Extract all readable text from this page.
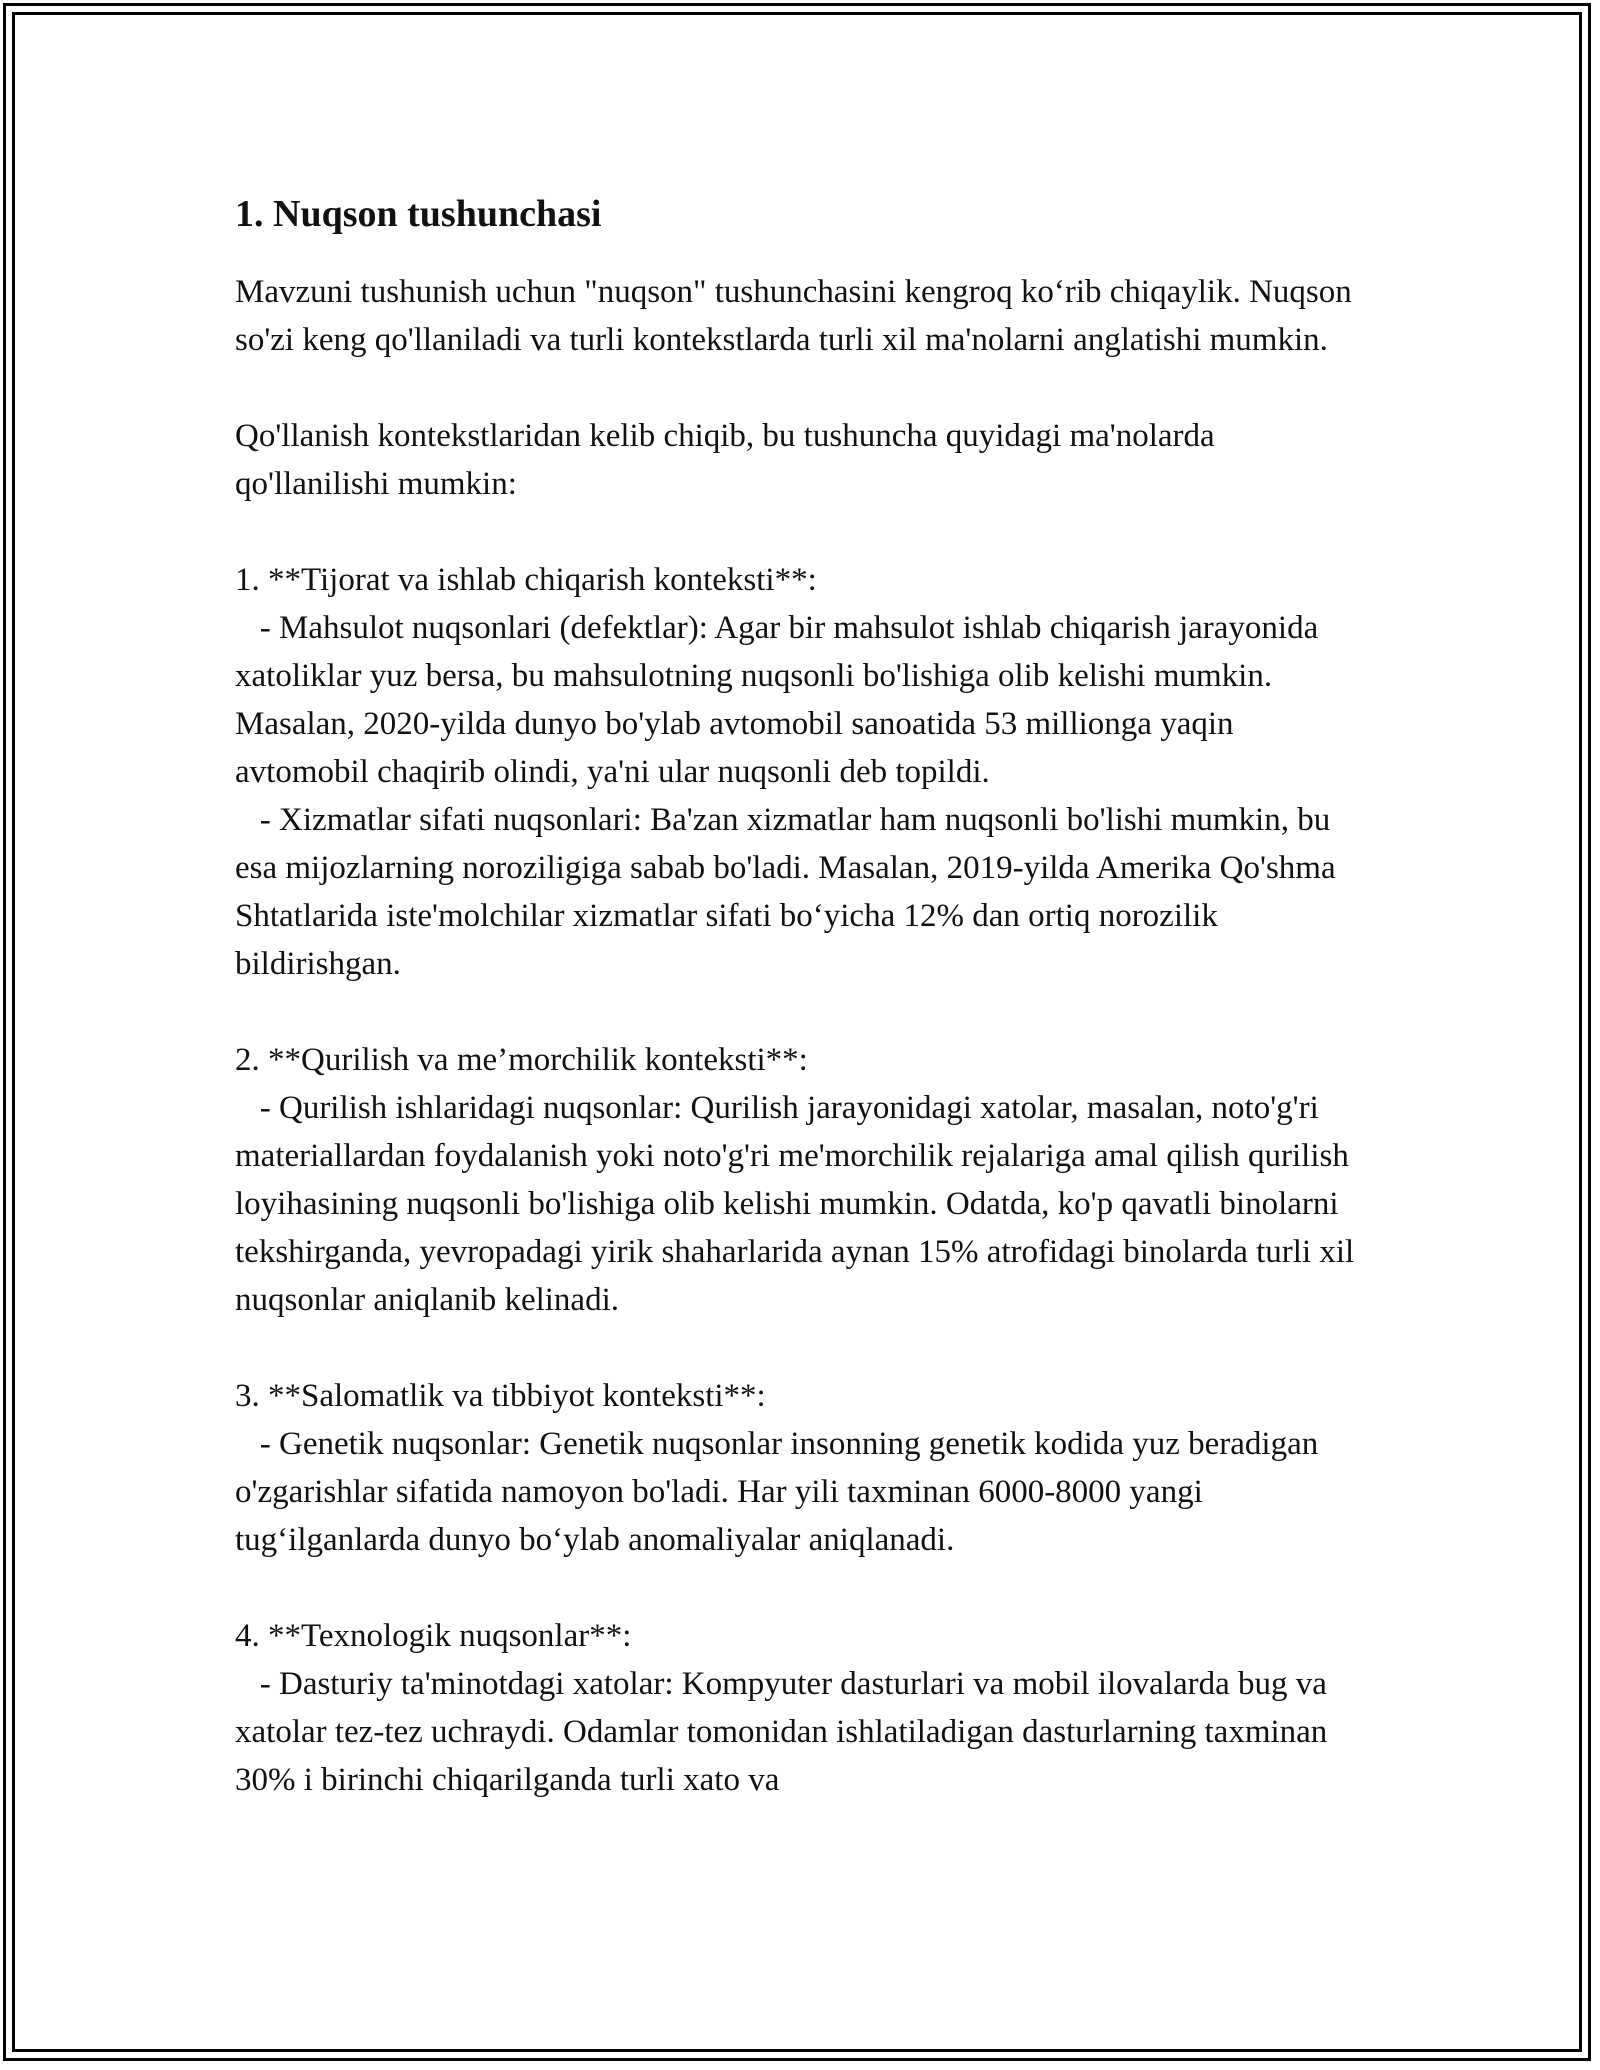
1. Nuqson tushunchasi

Mavzuni tushunish uchun "nuqson" tushunchasini kengroq ko‘rib chiqaylik. Nuqson so'zi keng qo'llaniladi va turli kontekstlarda turli xil ma'nolarni anglatishi mumkin.

Qo'llanish kontekstlaridan kelib chiqib, bu tushuncha quyidagi ma'nolarda qo'llanilishi mumkin:

1. **Tijorat va ishlab chiqarish konteksti**:

- Mahsulot nuqsonlari (defektlar): Agar bir mahsulot ishlab chiqarish jarayonida xatoliklar yuz bersa, bu mahsulotning nuqsonli bo'lishiga olib kelishi mumkin. Masalan, 2020-yilda dunyo bo'ylab avtomobil sanoatida 53 millionga yaqin avtomobil chaqirib olindi, ya'ni ular nuqsonli deb topildi.

- Xizmatlar sifati nuqsonlari: Ba'zan xizmatlar ham nuqsonli bo'lishi mumkin, bu esa mijozlarning noroziligiga sabab bo'ladi. Masalan, 2019-yilda Amerika Qo'shma Shtatlarida iste'molchilar xizmatlar sifati bo‘yicha 12% dan ortiq norozilik bildirishgan.

2. **Qurilish va me’morchilik konteksti**:

- Qurilish ishlaridagi nuqsonlar: Qurilish jarayonidagi xatolar, masalan, noto'g'ri materiallardan foydalanish yoki noto'g'ri me'morchilik rejalariga amal qilish qurilish loyihasining nuqsonli bo'lishiga olib kelishi mumkin. Odatda, ko'p qavatli binolarni tekshirganda, yevropadagi yirik shaharlarida aynan 15% atrofidagi binolarda turli xil nuqsonlar aniqlanib kelinadi.

3. **Salomatlik va tibbiyot konteksti**:

- Genetik nuqsonlar: Genetik nuqsonlar insonning genetik kodida yuz beradigan o'zgarishlar sifatida namoyon bo'ladi. Har yili taxminan 6000-8000 yangi tug‘ilganlarda dunyo bo‘ylab anomaliyalar aniqlanadi.

4. **Texnologik nuqsonlar**:

- Dasturiy ta'minotdagi xatolar: Kompyuter dasturlari va mobil ilovalarda bug va xatolar tez-tez uchraydi. Odamlar tomonidan ishlatiladigan dasturlarning taxminan 30% i birinchi chiqarilganda turli xato va
